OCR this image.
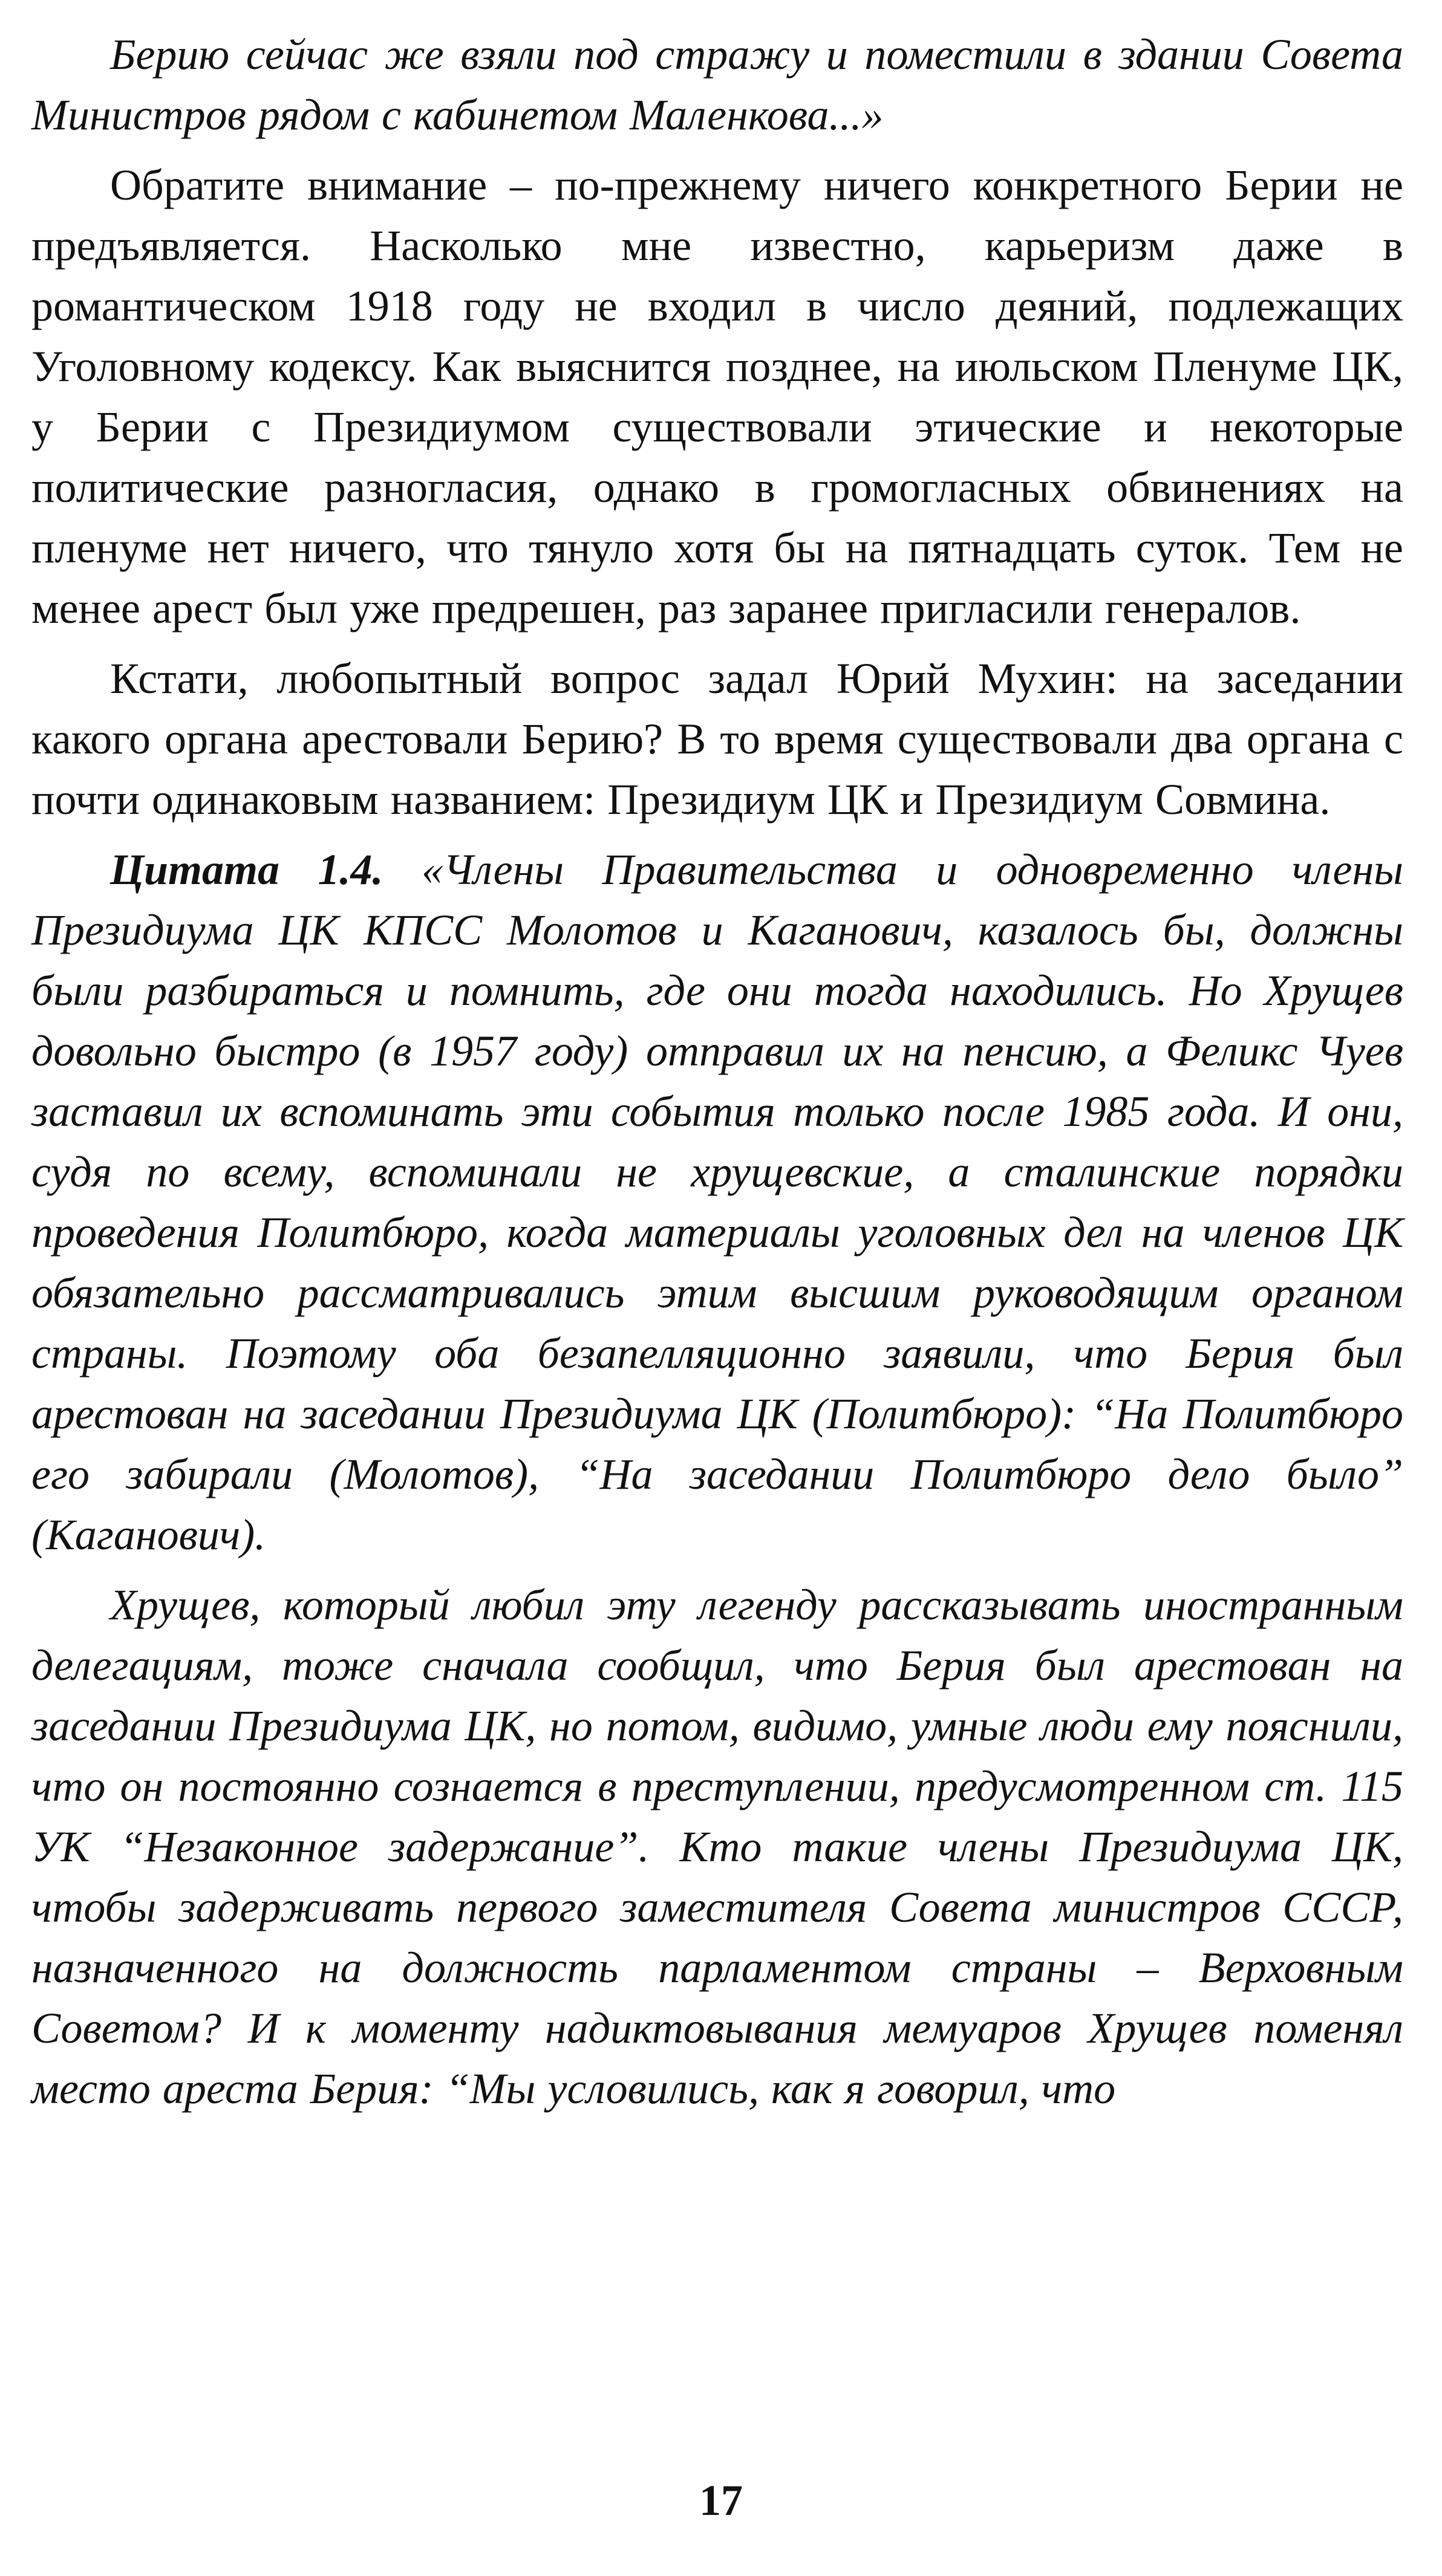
Берию сейчас же взяли под стражу и поместили в здании Совета Министров рядом с кабинетом Маленкова...»

Обратите внимание – по-прежнему ничего конкретного Берии не предъявляется. Насколько мне известно, карьеризм даже в романтическом 1918 году не входил в число деяний, подлежащих Уголовному кодексу. Как выяснится позднее, на июльском Пленуме ЦК, у Берии с Президиумом существовали этические и некоторые политические разногласия, однако в громогласных обвинениях на пленуме нет ничего, что тянуло хотя бы на пятнадцать суток. Тем не менее арест был уже предрешен, раз заранее пригласили генералов.

Кстати, любопытный вопрос задал Юрий Мухин: на заседании какого органа арестовали Берию? В то время существовали два органа с почти одинаковым названием: Президиум ЦК и Президиум Совмина.

Цитата 1.4. «Члены Правительства и одновременно члены Президиума ЦК КПСС Молотов и Каганович, казалось бы, должны были разбираться и помнить, где они тогда находились. Но Хрущев довольно быстро (в 1957 году) отправил их на пенсию, а Феликс Чуев заставил их вспоминать эти события только после 1985 года. И они, судя по всему, вспоминали не хрущевские, а сталинские порядки проведения Политбюро, когда материалы уголовных дел на членов ЦК обязательно рассматривались этим высшим руководящим органом страны. Поэтому оба безапелляционно заявили, что Берия был арестован на заседании Президиума ЦК (Политбюро): “На Политбюро его забирали (Молотов), “На заседании Политбюро дело было” (Каганович).

Хрущев, который любил эту легенду рассказывать иностранным делегациям, тоже сначала сообщил, что Берия был арестован на заседании Президиума ЦК, но потом, видимо, умные люди ему пояснили, что он постоянно сознается в преступлении, предусмотренном ст. 115 УК “Незаконное задержание”. Кто такие члены Президиума ЦК, чтобы задерживать первого заместителя Совета министров СССР, назначенного на должность парламентом страны – Верховным Советом? И к моменту надиктовывания мемуаров Хрущев поменял место ареста Берия: “Мы условились, как я говорил, что

17
